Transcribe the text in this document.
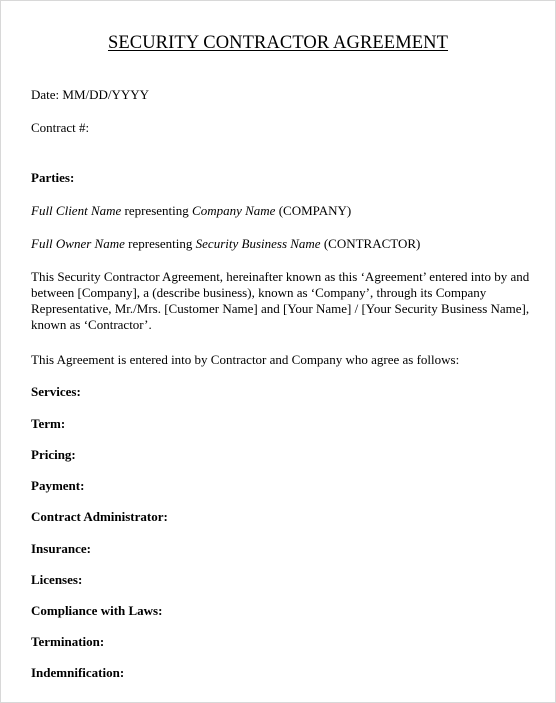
SECURITY CONTRACTOR AGREEMENT
Date: MM/DD/YYYY
Contract #:
Parties:
Full Client Name representing Company Name (COMPANY)
Full Owner Name representing Security Business Name (CONTRACTOR)
This Security Contractor Agreement, hereinafter known as this ‘Agreement’ entered into by and
between [Company], a (describe business), known as ‘Company’, through its Company
Representative, Mr./Mrs. [Customer Name] and [Your Name] / [Your Security Business Name],
known as ‘Contractor’.
This Agreement is entered into by Contractor and Company who agree as follows:
Services:
Term:
Pricing:
Payment:
Contract Administrator:
Insurance:
Licenses:
Compliance with Laws:
Termination:
Indemnification:
